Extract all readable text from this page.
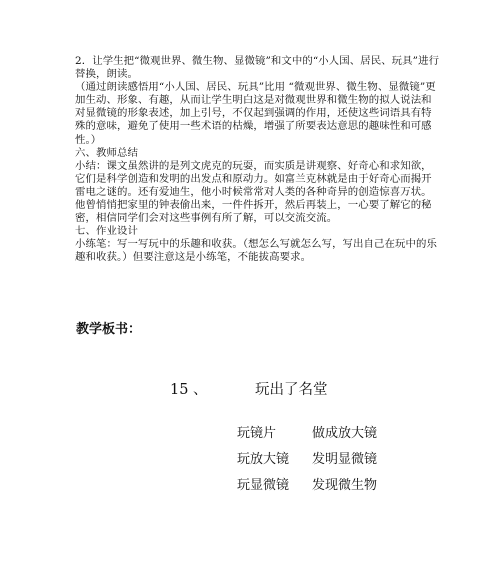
2．让学生把“微观世界、微生物、显微镜”和文中的“小人国、居民、玩具”进行替换，朗读。

（通过朗读感悟用“小人国、居民、玩具”比用 “微观世界、微生物、显微镜”更加生动、形象、有趣，从而让学生明白这是对微观世界和微生物的拟人说法和对显微镜的形象表述，加上引号，不仅起到强调的作用，还使这些词语具有特殊的意味，避免了使用一些术语的枯燥，增强了所要表达意思的趣味性和可感性。）

六、教师总结

小结：课文虽然讲的是列文虎克的玩耍，而实质是讲观察、好奇心和求知欲，它们是科学创造和发明的出发点和原动力。如富兰克林就是由于好奇心而揭开雷电之谜的。还有爱迪生，他小时候常常对人类的各种奇异的创造惊喜万状。他曾悄悄把家里的钟表偷出来，一件件拆开，然后再装上，一心要了解它的秘密，相信同学们会对这些事例有所了解，可以交流交流。

七、作业设计

小练笔：写一写玩中的乐趣和收获。（想怎么写就怎么写，写出自己在玩中的乐趣和收获。）但要注意这是小练笔，不能拔高要求。

教学板书：
15 、	玩出了名堂
玩镜片	做成放大镜
玩放大镜	发明显微镜
玩显微镜	发现微生物
